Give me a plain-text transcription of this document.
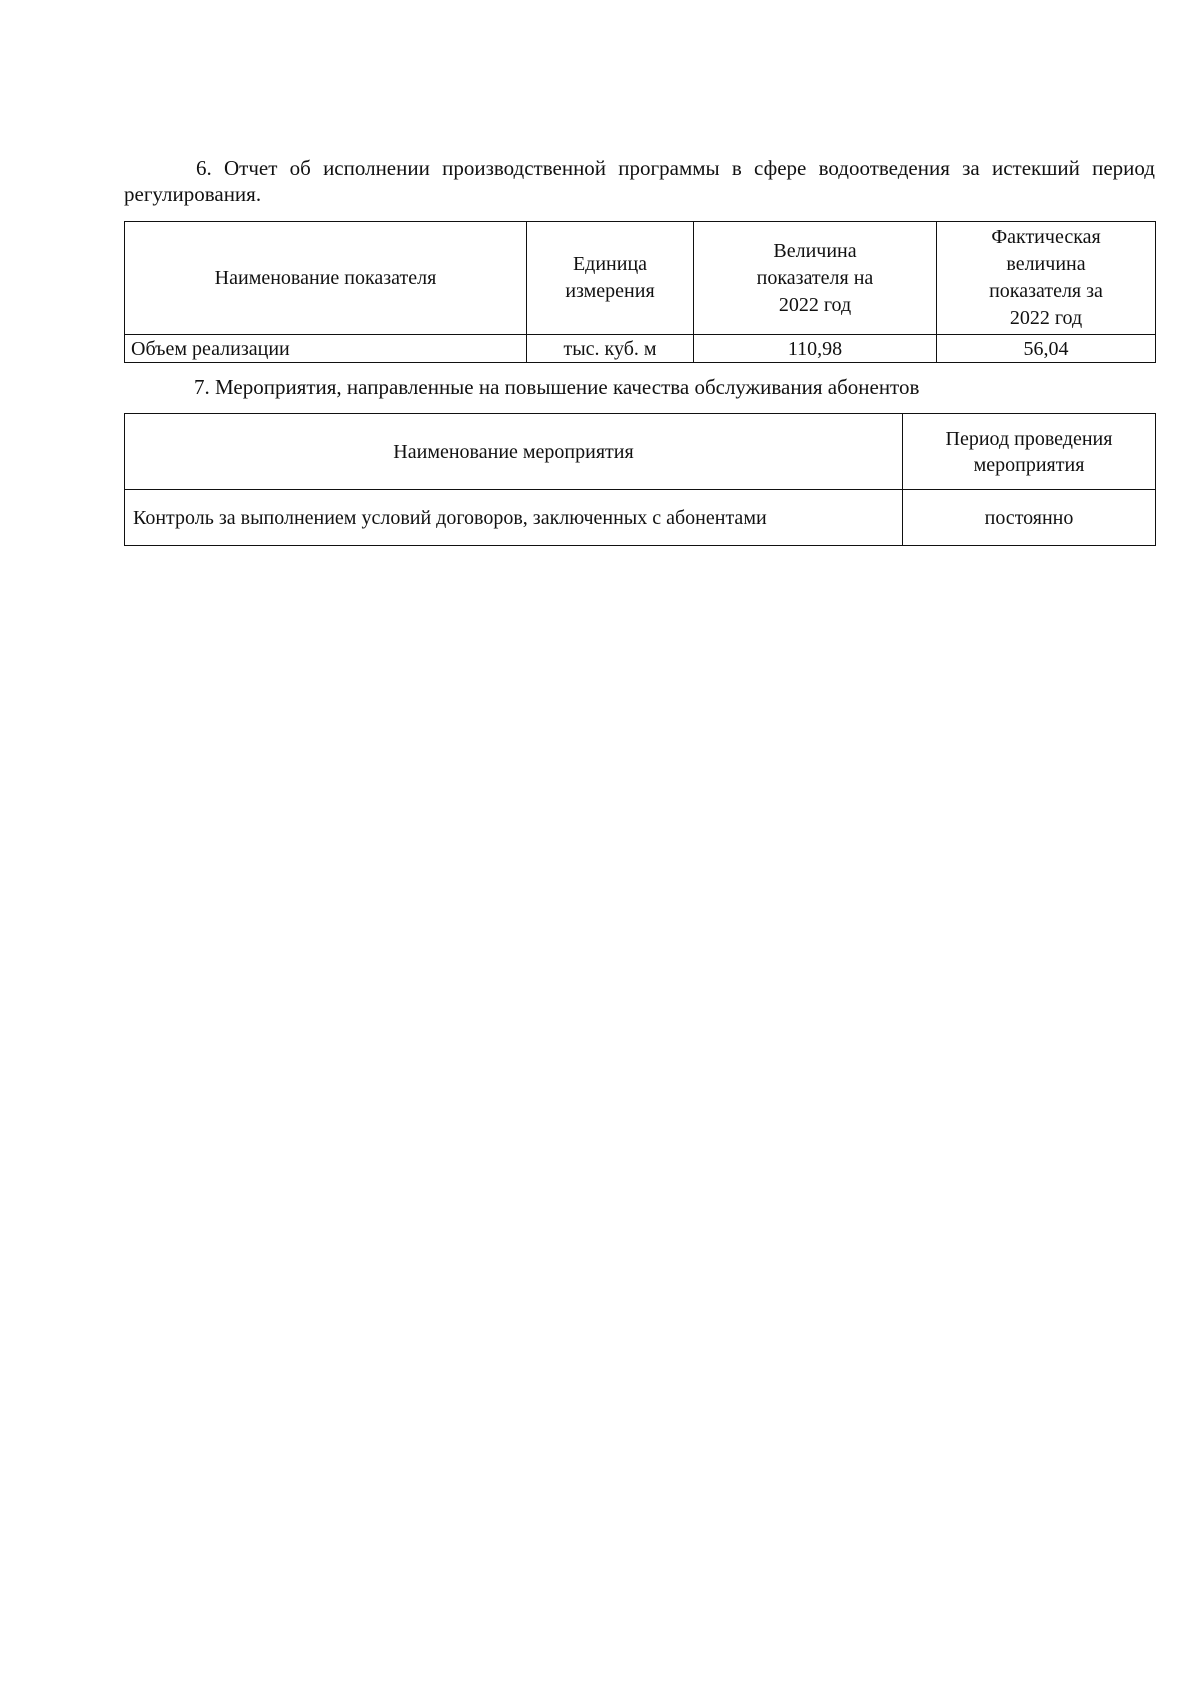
6. Отчет об исполнении производственной программы в сфере водоотведения за истекший период регулирования.
Наименование показателя	Единица измерения	Величина показателя на 2022 год	Фактическая величина показателя за 2022 год
Объем реализации	тыс. куб. м	110,98	56,04
7. Мероприятия, направленные на повышение качества обслуживания абонентов
Наименование мероприятия	Период проведения мероприятия
Контроль за выполнением условий договоров, заключенных с абонентами	постоянно
